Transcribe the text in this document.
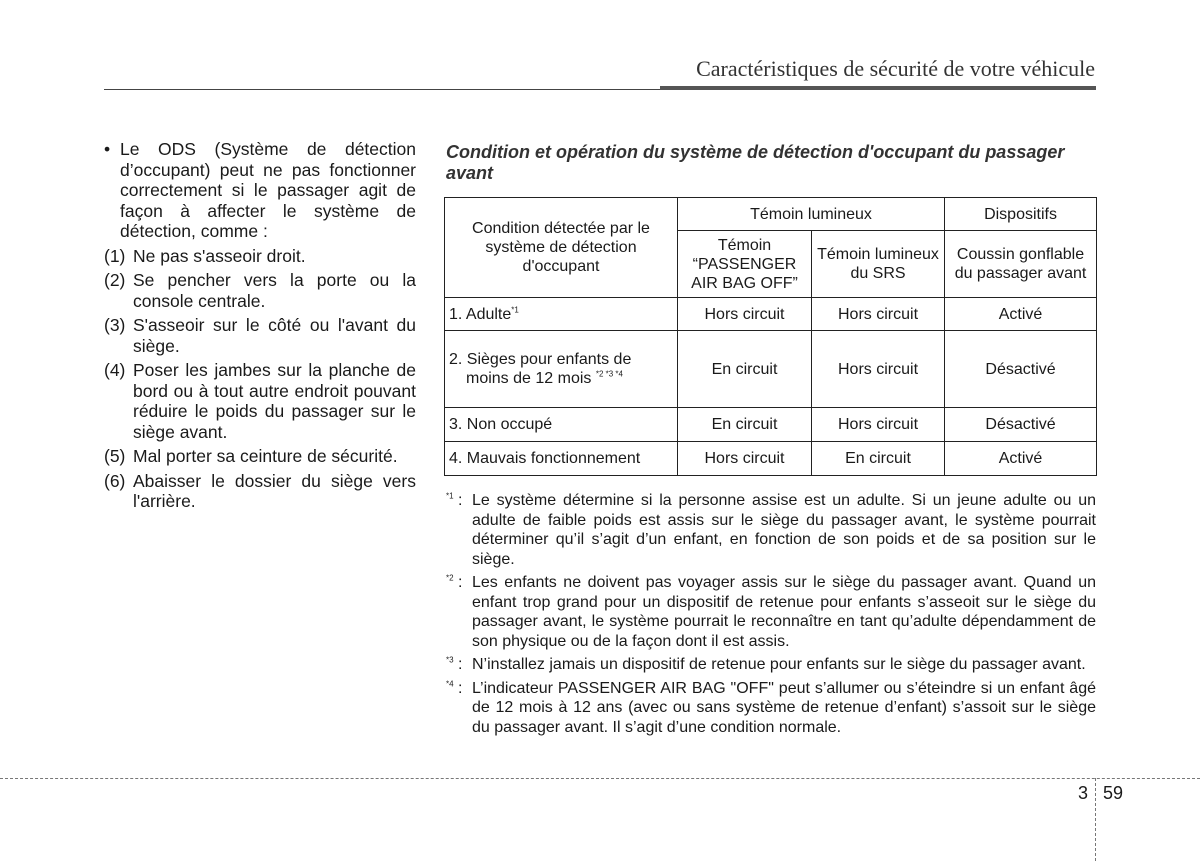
Caractéristiques de sécurité de votre véhicule
• Le ODS (Système de détection d’occupant) peut ne pas fonctionner correctement si le passager agit de façon à affecter le système de détection, comme :
(1) Ne pas s'asseoir droit.
(2) Se pencher vers la porte ou la console centrale.
(3) S'asseoir sur le côté ou l'avant du siège.
(4) Poser les jambes sur la planche de bord ou à tout autre endroit pouvant réduire le poids du passager sur le siège avant.
(5) Mal porter sa ceinture de sécurité.
(6) Abaisser le dossier du siège vers l'arrière.
Condition et opération du système de détection d'occupant du passager avant
Condition détectée par le système de détection d'occupant	Témoin lumineux		Dispositifs
	Témoin “PASSENGER AIR BAG OFF”	Témoin lumineux du SRS	Coussin gonflable du passager avant
1. Adulte$^{*1}$	Hors circuit	Hors circuit	Activé
2. Sièges pour enfants de
moins de 12 mois $^{*2 *3 *4}$	En circuit	Hors circuit	Désactivé
3. Non occupé	En circuit	Hors circuit	Désactivé
4. Mauvais fonctionnement	Hors circuit	En circuit	Activé
$^{*1}$ : Le système détermine si la personne assise est un adulte. Si un jeune adulte ou un adulte de faible poids est assis sur le siège du passager avant, le système pourrait déterminer qu’il s’agit d’un enfant, en fonction de son poids et de sa position sur le siège.
$^{*2}$ : Les enfants ne doivent pas voyager assis sur le siège du passager avant. Quand un enfant trop grand pour un dispositif de retenue pour enfants s’asseoit sur le siège du passager avant, le système pourrait le reconnaître en tant qu’adulte dépendamment de son physique ou de la façon dont il est assis.
$^{*3}$ : N’installez jamais un dispositif de retenue pour enfants sur le siège du passager avant.
$^{*4}$ : L’indicateur PASSENGER AIR BAG "OFF" peut s’allumer ou s’éteindre si un enfant âgé de 12 mois à 12 ans (avec ou sans système de retenue d’enfant) s’assoit sur le siège du passager avant. Il s’agit d’une condition normale.
3 59
